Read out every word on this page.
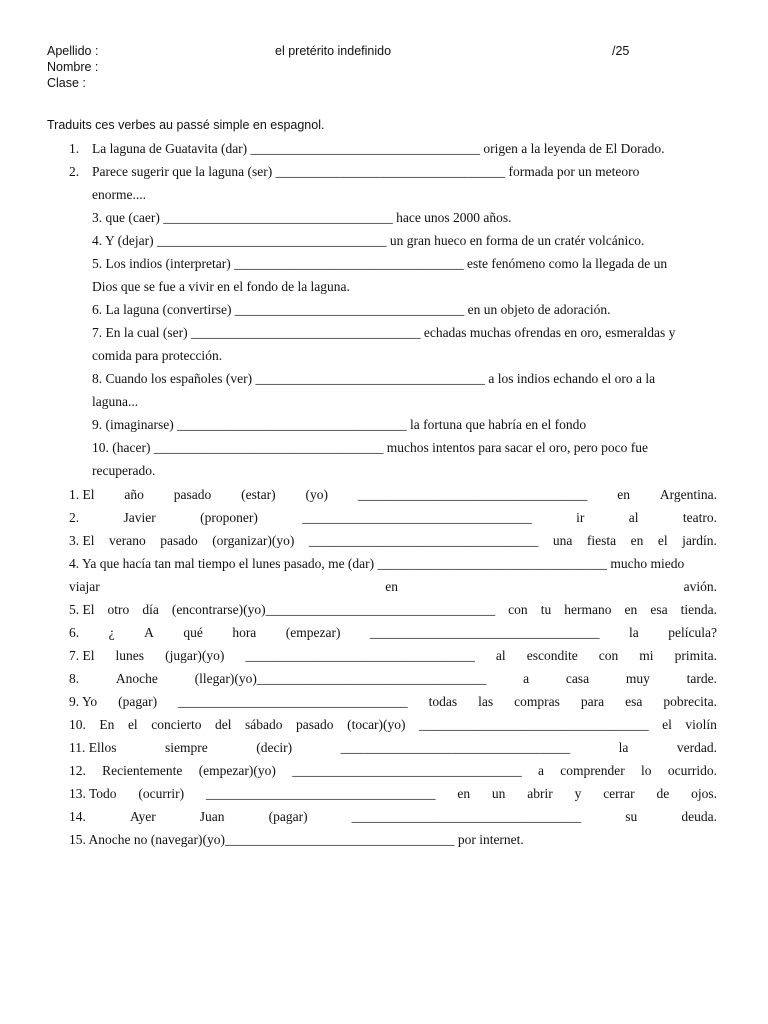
Apellido :
Nombre :
Clase :
el pretérito indefinido	/25
Traduits ces verbes au passé simple en espagnol.
1. La laguna de Guatavita (dar) __________________________________ origen a la leyenda de El Dorado.
2. Parece sugerir que la laguna (ser) __________________________________ formada por un meteoro
enorme....
3. que (caer) __________________________________ hace unos 2000 años.
4. Y (dejar) __________________________________ un gran hueco en forma de un cratér volcánico.
5. Los indios (interpretar) __________________________________ este fenómeno como la llegada de un
Dios que se fue a vivir en el fondo de la laguna.
6. La laguna (convertirse) __________________________________ en un objeto de adoración.
7. En la cual (ser) __________________________________ echadas muchas ofrendas en oro, esmeraldas y
comida para protección.
8. Cuando los españoles (ver) __________________________________ a los indios echando el oro a la
laguna...
9. (imaginarse) __________________________________ la fortuna que habría en el fondo
10. (hacer) __________________________________ muchos intentos para sacar el oro, pero poco fue
recuperado.
1. El año pasado (estar) (yo) __________________________________ en Argentina.
2.	Javier	(proponer)	__________________________________	ir	al	teatro.
3. El verano pasado (organizar)(yo) __________________________________ una fiesta en el jardín.
4. Ya que hacía tan mal tiempo el lunes pasado, me (dar) __________________________________ mucho miedo
viajar	en	avión.
5. El otro día (encontrarse)(yo)__________________________________ con tu hermano en esa tienda.
6. ¿ A qué hora (empezar) __________________________________ la película?
7. El lunes (jugar)(yo) __________________________________ al escondite con mi primita.
8.	Anoche	(llegar)(yo)__________________________________	a	casa	muy	tarde.
9. Yo (pagar) __________________________________ todas las compras para esa pobrecita.
10. En el concierto del sábado pasado (tocar)(yo) __________________________________ el violín
11. Ellos	siempre	(decir)	__________________________________	la	verdad.
12. Recientemente (empezar)(yo) __________________________________ a comprender lo ocurrido.
13. Todo (ocurrir) __________________________________ en un abrir y cerrar de ojos.
14.	Ayer	Juan	(pagar)	__________________________________	su	deuda.
15. Anoche no (navegar)(yo)__________________________________ por internet.
